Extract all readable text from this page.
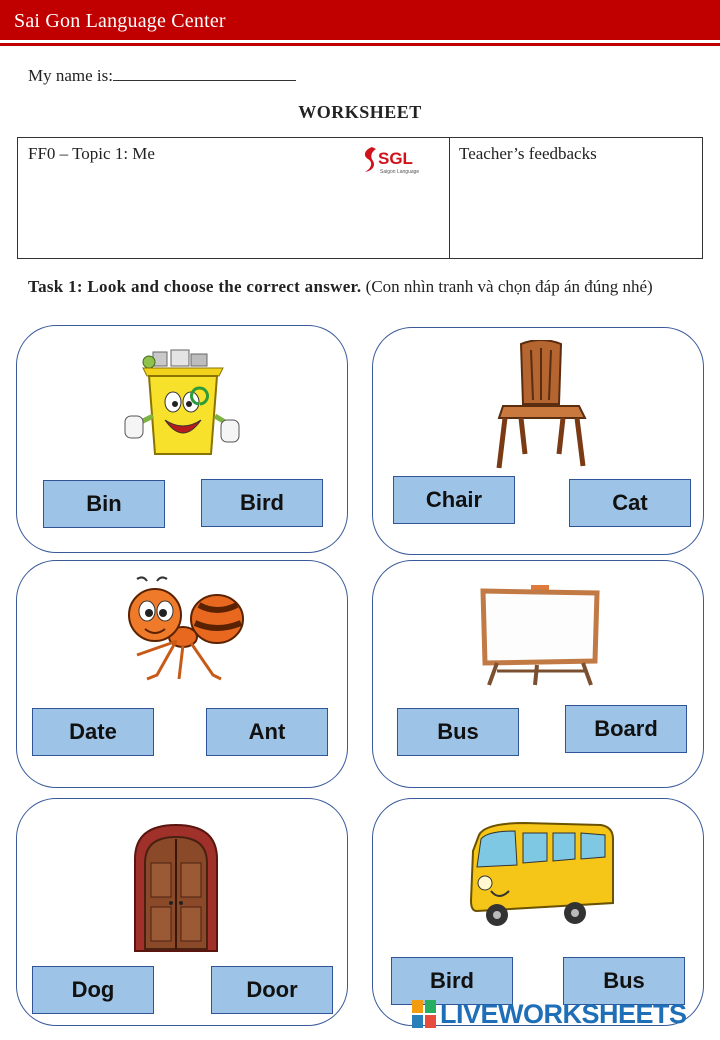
Sai Gon Language Center
My name is:
WORKSHEET
FF0 – Topic 1: Me	SGL
Saigon Language
Teacher’s feedbacks
Task 1: Look and choose the correct answer. (Con nhìn tranh và chọn đáp án đúng nhé)
Bin	Bird	Chair	Cat
Date	Ant	Bus	Board
Dog	Door	Bird	Bus
LIVEWORKSHEETS
